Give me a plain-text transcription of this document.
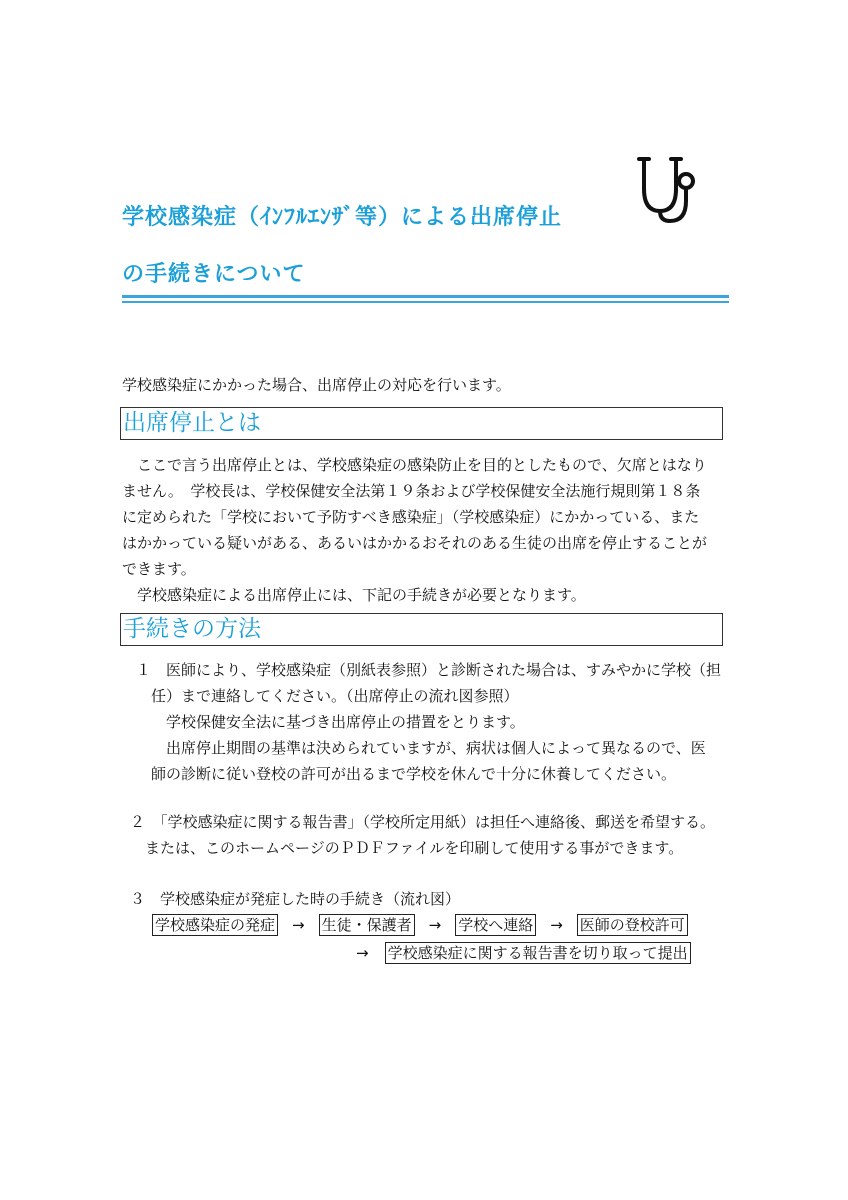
学校感染症（ｲﾝﾌﾙｴﾝｻﾞ等）による出席停止
の手続きについて
学校感染症にかかった場合、出席停止の対応を行います。
出席停止とは
　ここで言う出席停止とは、学校感染症の感染防止を目的としたもので、欠席とはなり
ません。　学校長は、学校保健安全法第１９条および学校保健安全法施行規則第１８条
に定められた「学校において予防すべき感染症」（学校感染症）にかかっている、また
はかかっている疑いがある、あるいはかかるおそれのある生徒の出席を停止することが
できます。
　学校感染症による出席停止には、下記の手続きが必要となります。
手続きの方法
１　医師により、学校感染症（別紙表参照）と診断された場合は、すみやかに学校（担
　任）まで連絡してください。（出席停止の流れ図参照）
　　学校保健安全法に基づき出席停止の措置をとります。
　　出席停止期間の基準は決められていますが、病状は個人によって異なるので、医
　師の診断に従い登校の許可が出るまで学校を休んで十分に休養してください。
２　「学校感染症に関する報告書」（学校所定用紙）は担任へ連絡後、郵送を希望する。
　または、このホームページのＰＤＦファイルを印刷して使用する事ができます。
３　学校感染症が発症した時の手続き（流れ図）
学校感染症の発症 → 生徒・保護者 → 学校へ連絡 → 医師の登校許可
→ 学校感染症に関する報告書を切り取って提出
